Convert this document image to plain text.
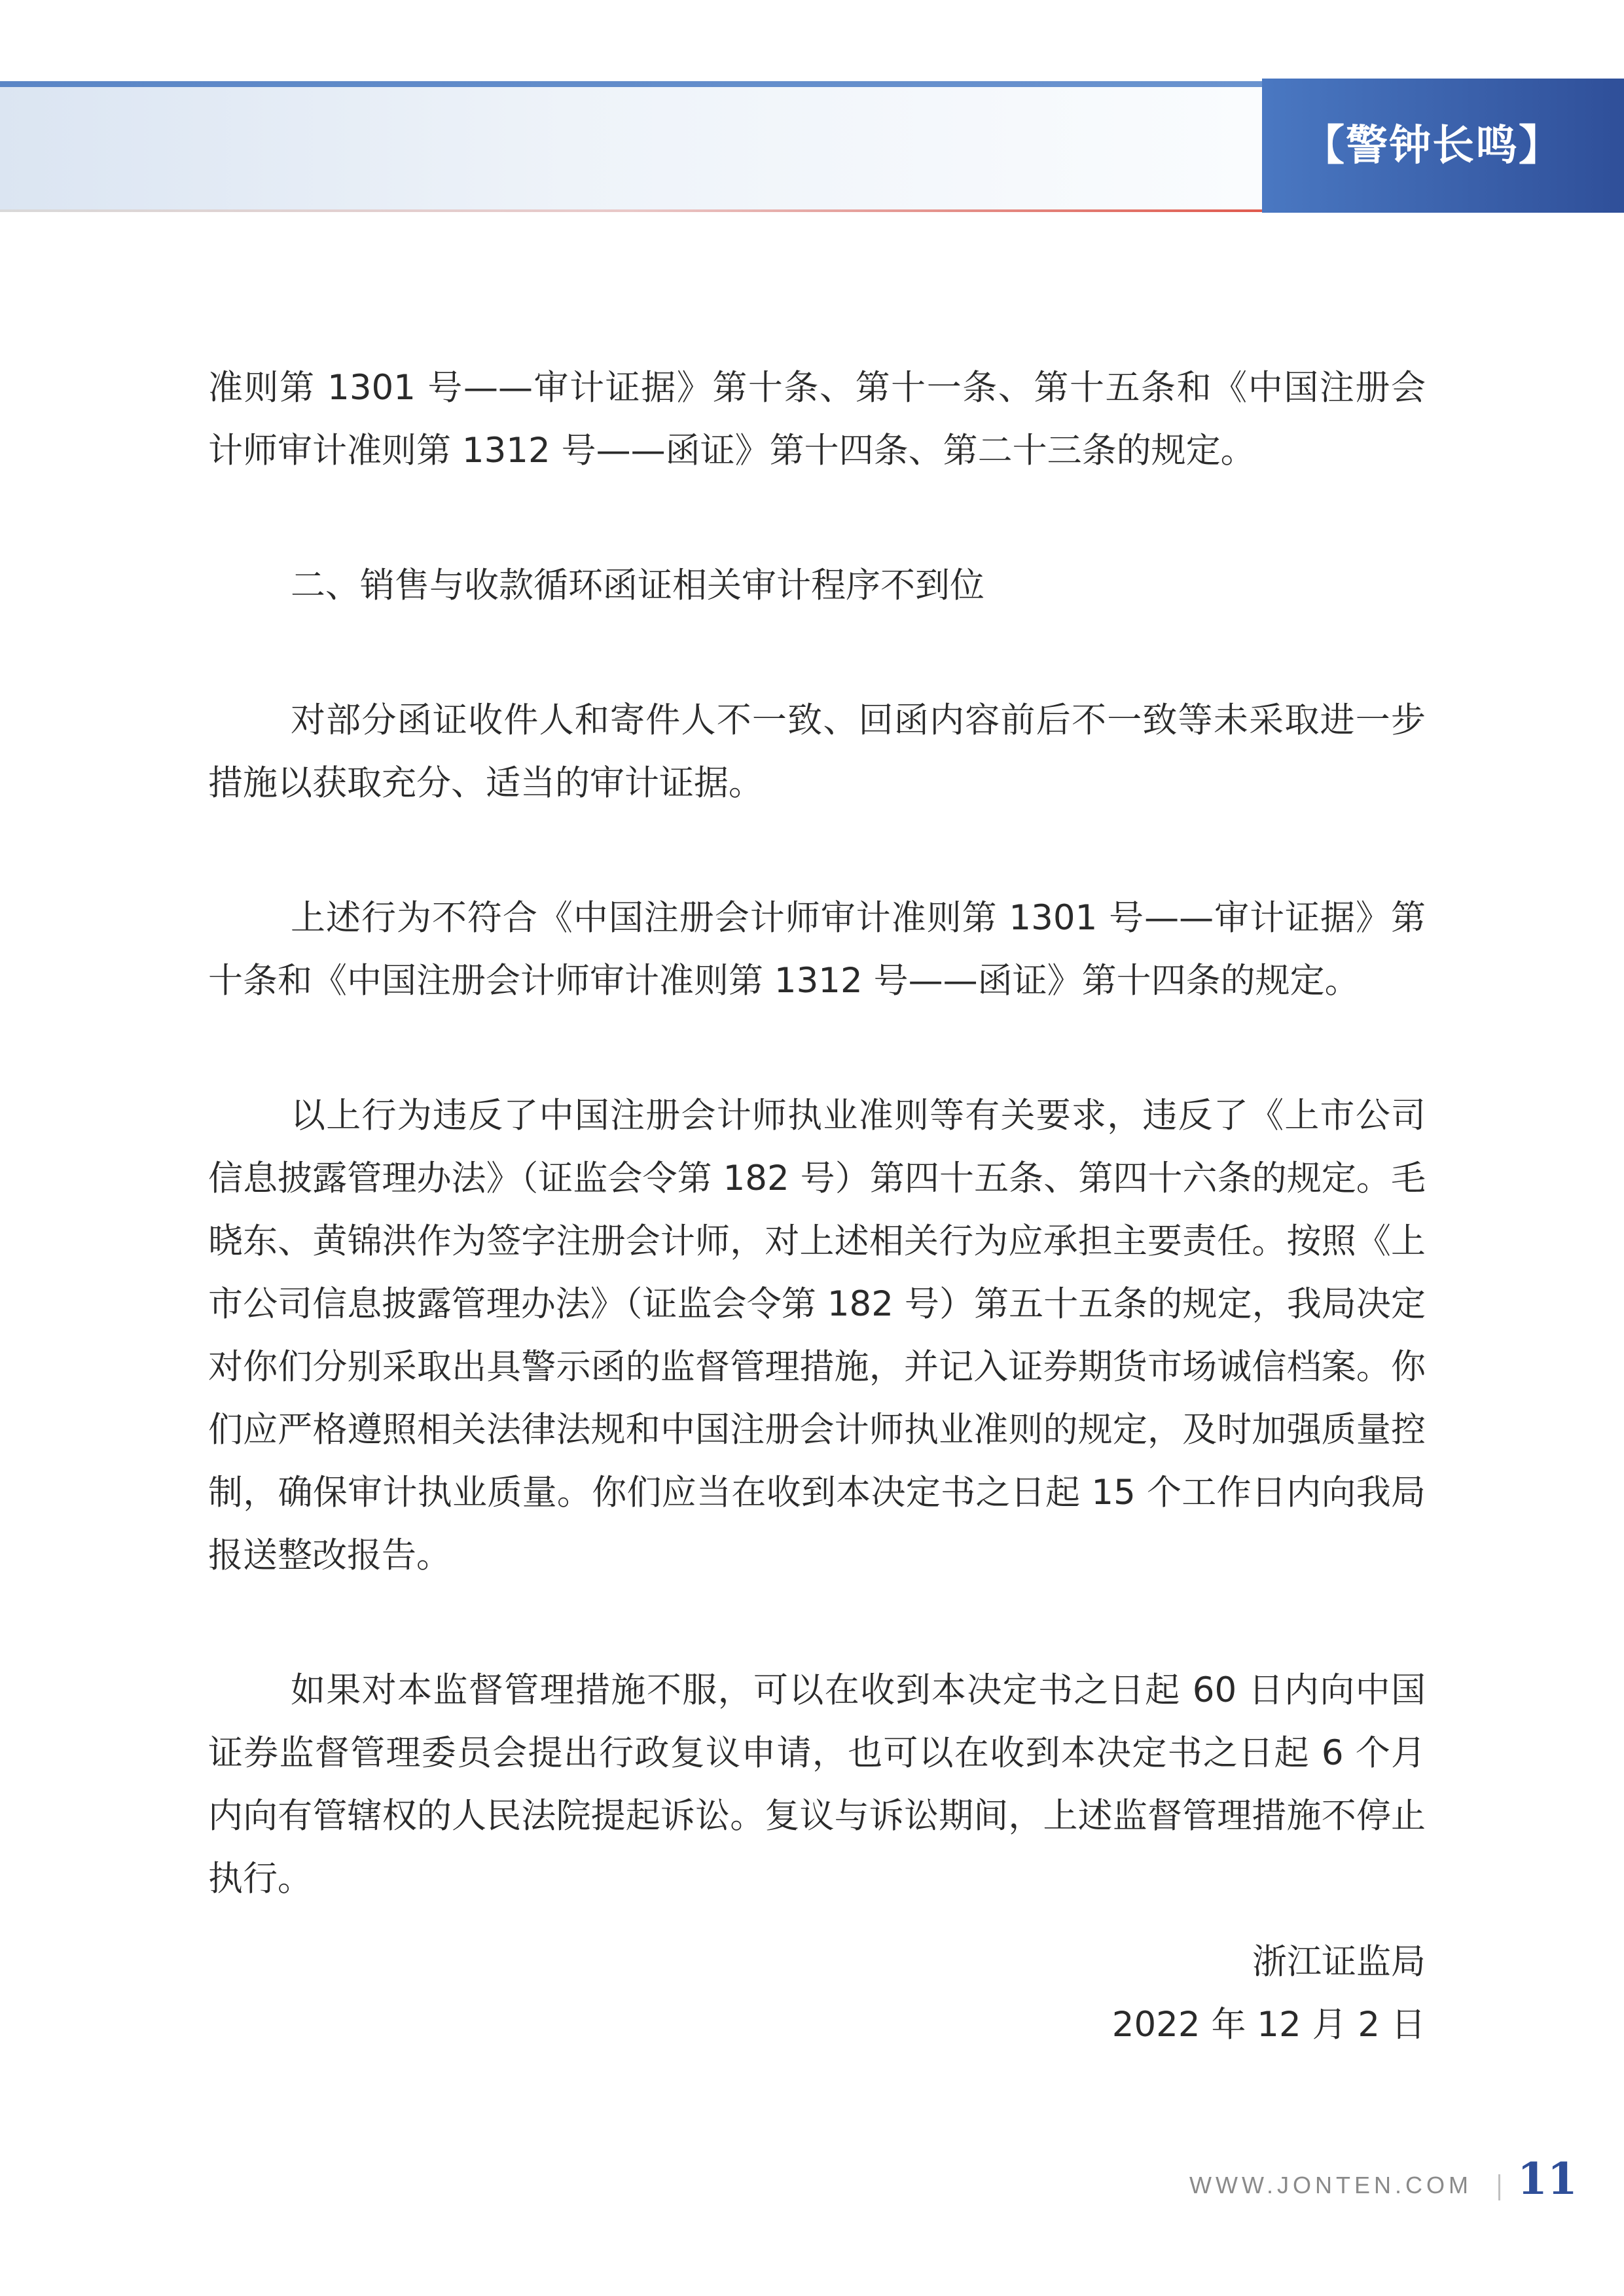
【警钟长鸣】

准则第 1301 号——审计证据》第十条、第十一条、第十五条和《中国注册会计师审计准则第 1312 号——函证》第十四条、第二十三条的规定。

二、销售与收款循环函证相关审计程序不到位

对部分函证收件人和寄件人不一致、回函内容前后不一致等未采取进一步措施以获取充分、适当的审计证据。

上述行为不符合《中国注册会计师审计准则第 1301 号——审计证据》第十条和《中国注册会计师审计准则第 1312 号——函证》第十四条的规定。

以上行为违反了中国注册会计师执业准则等有关要求，违反了《上市公司信息披露管理办法》（证监会令第 182 号）第四十五条、第四十六条的规定。毛晓东、黄锦洪作为签字注册会计师，对上述相关行为应承担主要责任。按照《上市公司信息披露管理办法》（证监会令第 182 号）第五十五条的规定，我局决定对你们分别采取出具警示函的监督管理措施，并记入证券期货市场诚信档案。你们应严格遵照相关法律法规和中国注册会计师执业准则的规定，及时加强质量控制，确保审计执业质量。你们应当在收到本决定书之日起 15 个工作日内向我局报送整改报告。

如果对本监督管理措施不服，可以在收到本决定书之日起 60 日内向中国证券监督管理委员会提出行政复议申请，也可以在收到本决定书之日起 6 个月内向有管辖权的人民法院提起诉讼。复议与诉讼期间，上述监督管理措施不停止执行。

浙江证监局
2022 年 12 月 2 日
WWW.JONTEN.COM 11
